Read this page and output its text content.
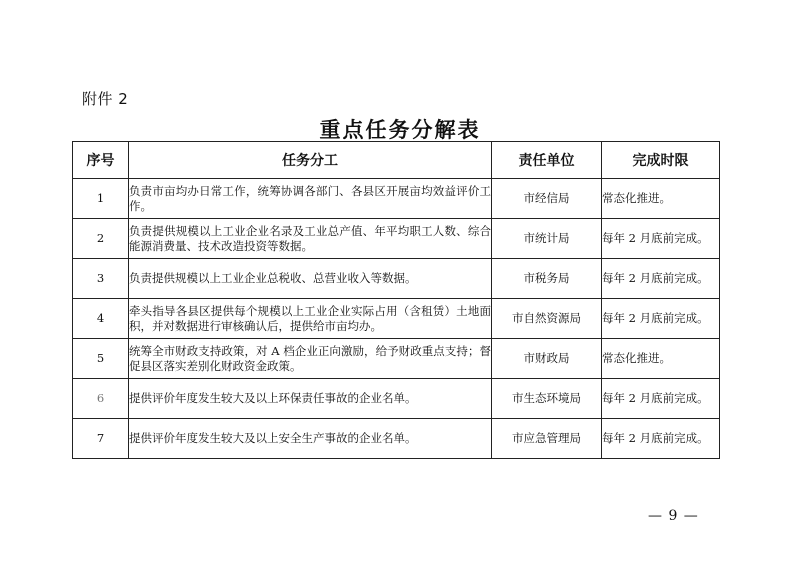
附件 2
重点任务分解表
序号	任务分工	责任单位	完成时限
1	负责市亩均办日常工作，统筹协调各部门、各县区开展亩均效益评价工作。	市经信局	常态化推进。
2	负责提供规模以上工业企业名录及工业总产值、年平均职工人数、综合能源消费量、技术改造投资等数据。	市统计局	每年 2 月底前完成。
3	负责提供规模以上工业企业总税收、总营业收入等数据。	市税务局	每年 2 月底前完成。
4	牵头指导各县区提供每个规模以上工业企业实际占用（含租赁）土地面积，并对数据进行审核确认后，提供给市亩均办。	市自然资源局	每年 2 月底前完成。
5	统筹全市财政支持政策，对 A 档企业正向激励，给予财政重点支持；督促县区落实差别化财政资金政策。	市财政局	常态化推进。
6	提供评价年度发生较大及以上环保责任事故的企业名单。	市生态环境局	每年 2 月底前完成。
7	提供评价年度发生较大及以上安全生产事故的企业名单。	市应急管理局	每年 2 月底前完成。
— 9 —
